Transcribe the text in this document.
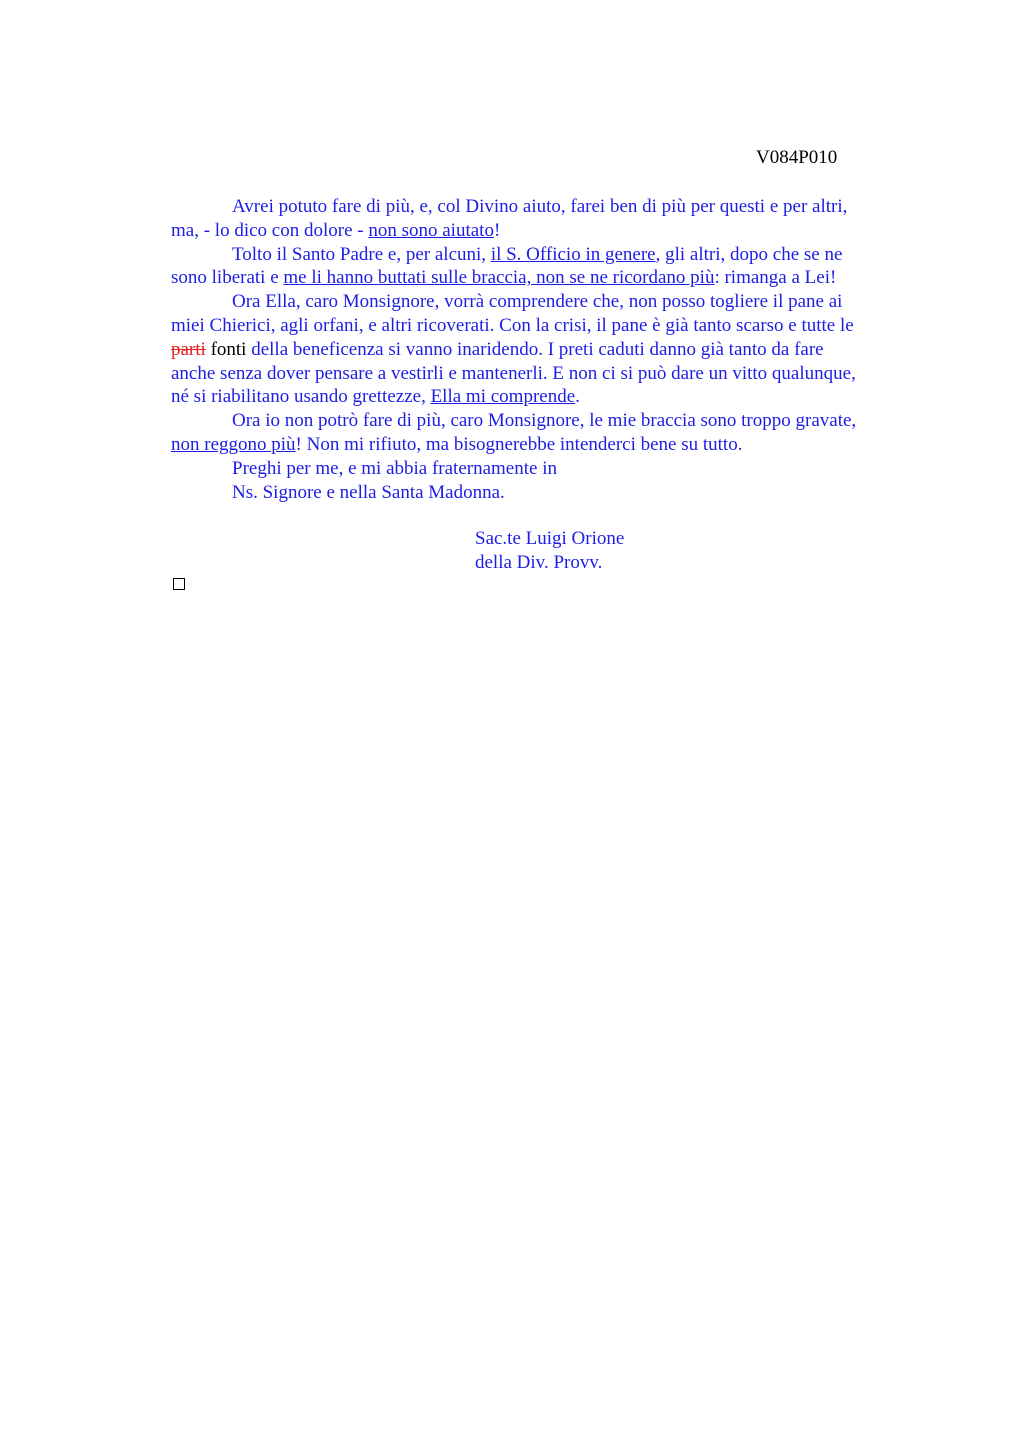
V084P010

Avrei potuto fare di più, e, col Divino aiuto, farei ben di più per questi e per altri,

ma, - lo dico con dolore - non sono aiutato!

Tolto il Santo Padre e, per alcuni, il S. Officio in genere, gli altri, dopo che se ne

sono liberati e me li hanno buttati sulle braccia, non se ne ricordano più: rimanga a Lei!

Ora Ella, caro Monsignore, vorrà comprendere che, non posso togliere il pane ai

miei Chierici, agli orfani, e altri ricoverati. Con la crisi, il pane è già tanto scarso e tutte le

parti fonti della beneficenza si vanno inaridendo. I preti caduti danno già tanto da fare

anche senza dover pensare a vestirli e mantenerli. E non ci si può dare un vitto qualunque,

né si riabilitano usando grettezze, Ella mi comprende.

Ora io non potrò fare di più, caro Monsignore, le mie braccia sono troppo gravate,

non reggono più! Non mi rifiuto, ma bisognerebbe intenderci bene su tutto.

Preghi per me, e mi abbia fraternamente in

Ns. Signore e nella Santa Madonna.

Sac.te Luigi Orione
della Div. Provv.
